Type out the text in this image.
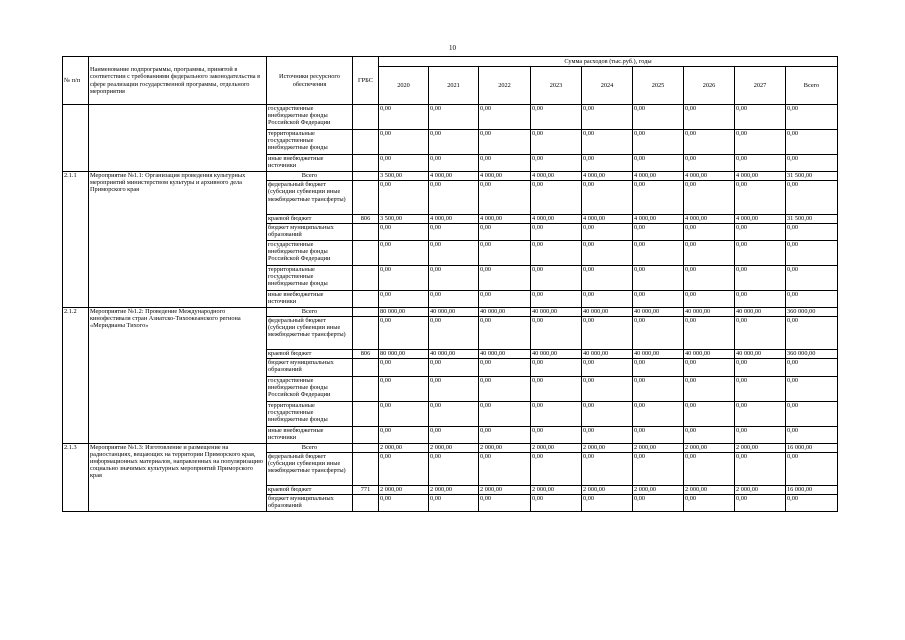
10
№ п/п	Наименование подпрограммы, программы, принятой в соответствии с требованиями федерального законодательства в сфере реализации государственной программы, отдельного мероприятия	Источники ресурсного обеспечения	ГРБС	Сумма расходов (тыс.руб.), годы								
				2020	2021	2022	2023	2024	2025	2026	2027	Всего
		государственные внебюджетные фонды Российской Федерации		0,00	0,00	0,00	0,00	0,00	0,00	0,00	0,00	0,00
		территориальные государственные внебюджетные фонды		0,00	0,00	0,00	0,00	0,00	0,00	0,00	0,00	0,00
		иные внебюджетные источники		0,00	0,00	0,00	0,00	0,00	0,00	0,00	0,00	0,00
2.1.1	Мероприятие №1.1: Организация проведения культурных мероприятий министерством культуры и архивного дела Приморского края	Всего		3 500,00	4 000,00	4 000,00	4 000,00	4 000,00	4 000,00	4 000,00	4 000,00	31 500,00
		федеральный бюджет (субсидии субвенции иные межбюджетные трансферты)		0,00	0,00	0,00	0,00	0,00	0,00	0,00	0,00	0,00
		краевой бюджет	806	3 500,00	4 000,00	4 000,00	4 000,00	4 000,00	4 000,00	4 000,00	4 000,00	31 500,00
		бюджет муниципальных образований		0,00	0,00	0,00	0,00	0,00	0,00	0,00	0,00	0,00
		государственные внебюджетные фонды Российской Федерации		0,00	0,00	0,00	0,00	0,00	0,00	0,00	0,00	0,00
		территориальные государственные внебюджетные фонды		0,00	0,00	0,00	0,00	0,00	0,00	0,00	0,00	0,00
		иные внебюджетные источники		0,00	0,00	0,00	0,00	0,00	0,00	0,00	0,00	0,00
2.1.2	Мероприятие №1.2: Проведение Международного кинофестиваля стран Азиатско-Тихоокеанского региона «Меридианы Тихого»	Всего		80 000,00	40 000,00	40 000,00	40 000,00	40 000,00	40 000,00	40 000,00	40 000,00	360 000,00
		федеральный бюджет (субсидии субвенции иные межбюджетные трансферты)		0,00	0,00	0,00	0,00	0,00	0,00	0,00	0,00	0,00
		краевой бюджет	806	80 000,00	40 000,00	40 000,00	40 000,00	40 000,00	40 000,00	40 000,00	40 000,00	360 000,00
		бюджет муниципальных образований		0,00	0,00	0,00	0,00	0,00	0,00	0,00	0,00	0,00
		государственные внебюджетные фонды Российской Федерации		0,00	0,00	0,00	0,00	0,00	0,00	0,00	0,00	0,00
		территориальные государственные внебюджетные фонды		0,00	0,00	0,00	0,00	0,00	0,00	0,00	0,00	0,00
		иные внебюджетные источники		0,00	0,00	0,00	0,00	0,00	0,00	0,00	0,00	0,00
2.1.3	Мероприятие №1.3: Изготовление и размещение на радиостанциях, вещающих на территории Приморского края, информационных материалов, направленных на популяризацию социально значимых культурных мероприятий Приморского края	Всего		2 000,00	2 000,00	2 000,00	2 000,00	2 000,00	2 000,00	2 000,00	2 000,00	16 000,00
		федеральный бюджет (субсидии субвенции иные межбюджетные трансферты)		0,00	0,00	0,00	0,00	0,00	0,00	0,00	0,00	0,00
		краевой бюджет	771	2 000,00	2 000,00	2 000,00	2 000,00	2 000,00	2 000,00	2 000,00	2 000,00	16 000,00
		бюджет муниципальных образований		0,00	0,00	0,00	0,00	0,00	0,00	0,00	0,00	0,00
